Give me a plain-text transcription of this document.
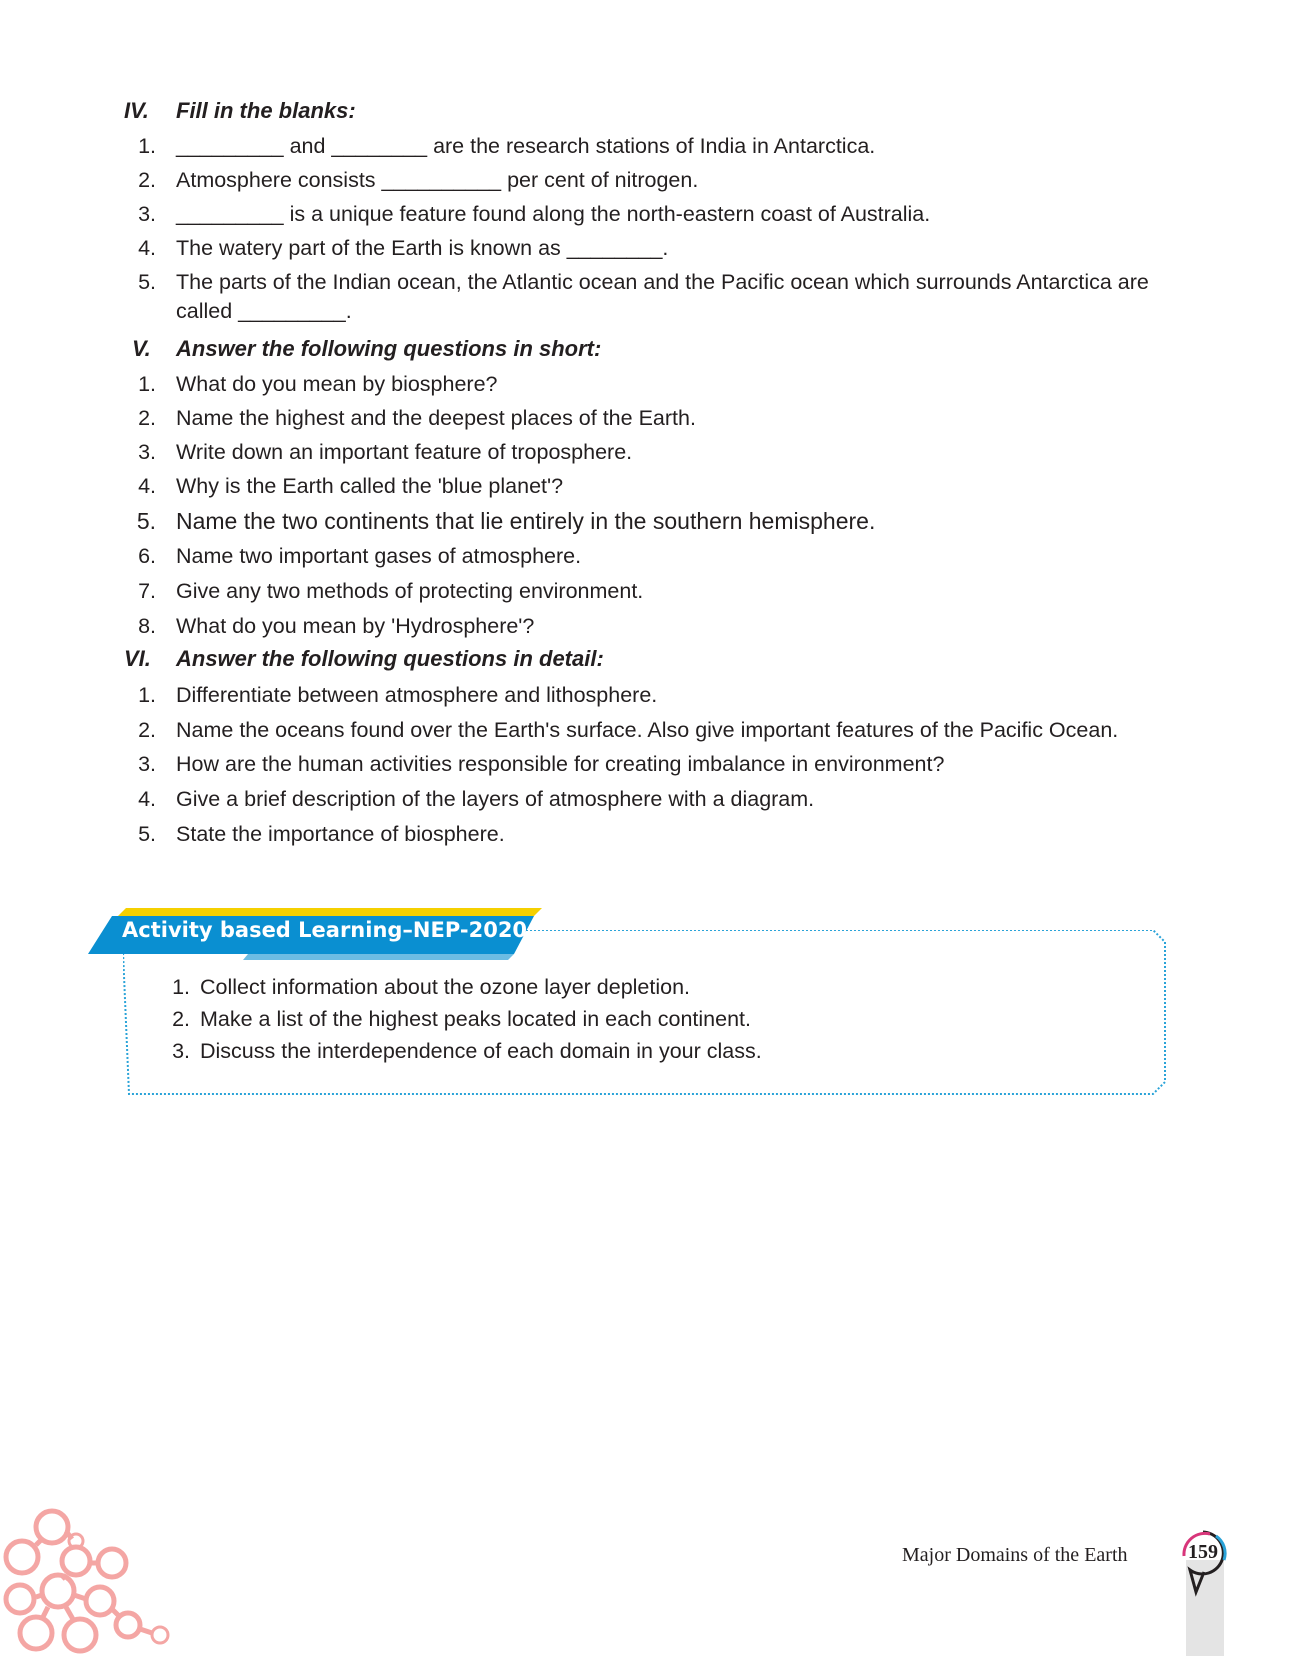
IV. Fill in the blanks:
1. _________ and ________ are the research stations of India in Antarctica.
2. Atmosphere consists __________ per cent of nitrogen.
3. _________ is a unique feature found along the north-eastern coast of Australia.
4. The watery part of the Earth is known as ________.
5. The parts of the Indian ocean, the Atlantic ocean and the Pacific ocean which surrounds Antarctica are called _________.
V. Answer the following questions in short:
1. What do you mean by biosphere?
2. Name the highest and the deepest places of the Earth.
3. Write down an important feature of troposphere.
4. Why is the Earth called the 'blue planet'?
5. Name the two continents that lie entirely in the southern hemisphere.
6. Name two important gases of atmosphere.
7. Give any two methods of protecting environment.
8. What do you mean by 'Hydrosphere'?
VI. Answer the following questions in detail:
1. Differentiate between atmosphere and lithosphere.
2. Name the oceans found over the Earth's surface. Also give important features of the Pacific Ocean.
3. How are the human activities responsible for creating imbalance in environment?
4. Give a brief description of the layers of atmosphere with a diagram.
5. State the importance of biosphere.
Activity based Learning–NEP-2020
1. Collect information about the ozone layer depletion.
2. Make a list of the highest peaks located in each continent.
3. Discuss the interdependence of each domain in your class.
Major Domains of the Earth	159
